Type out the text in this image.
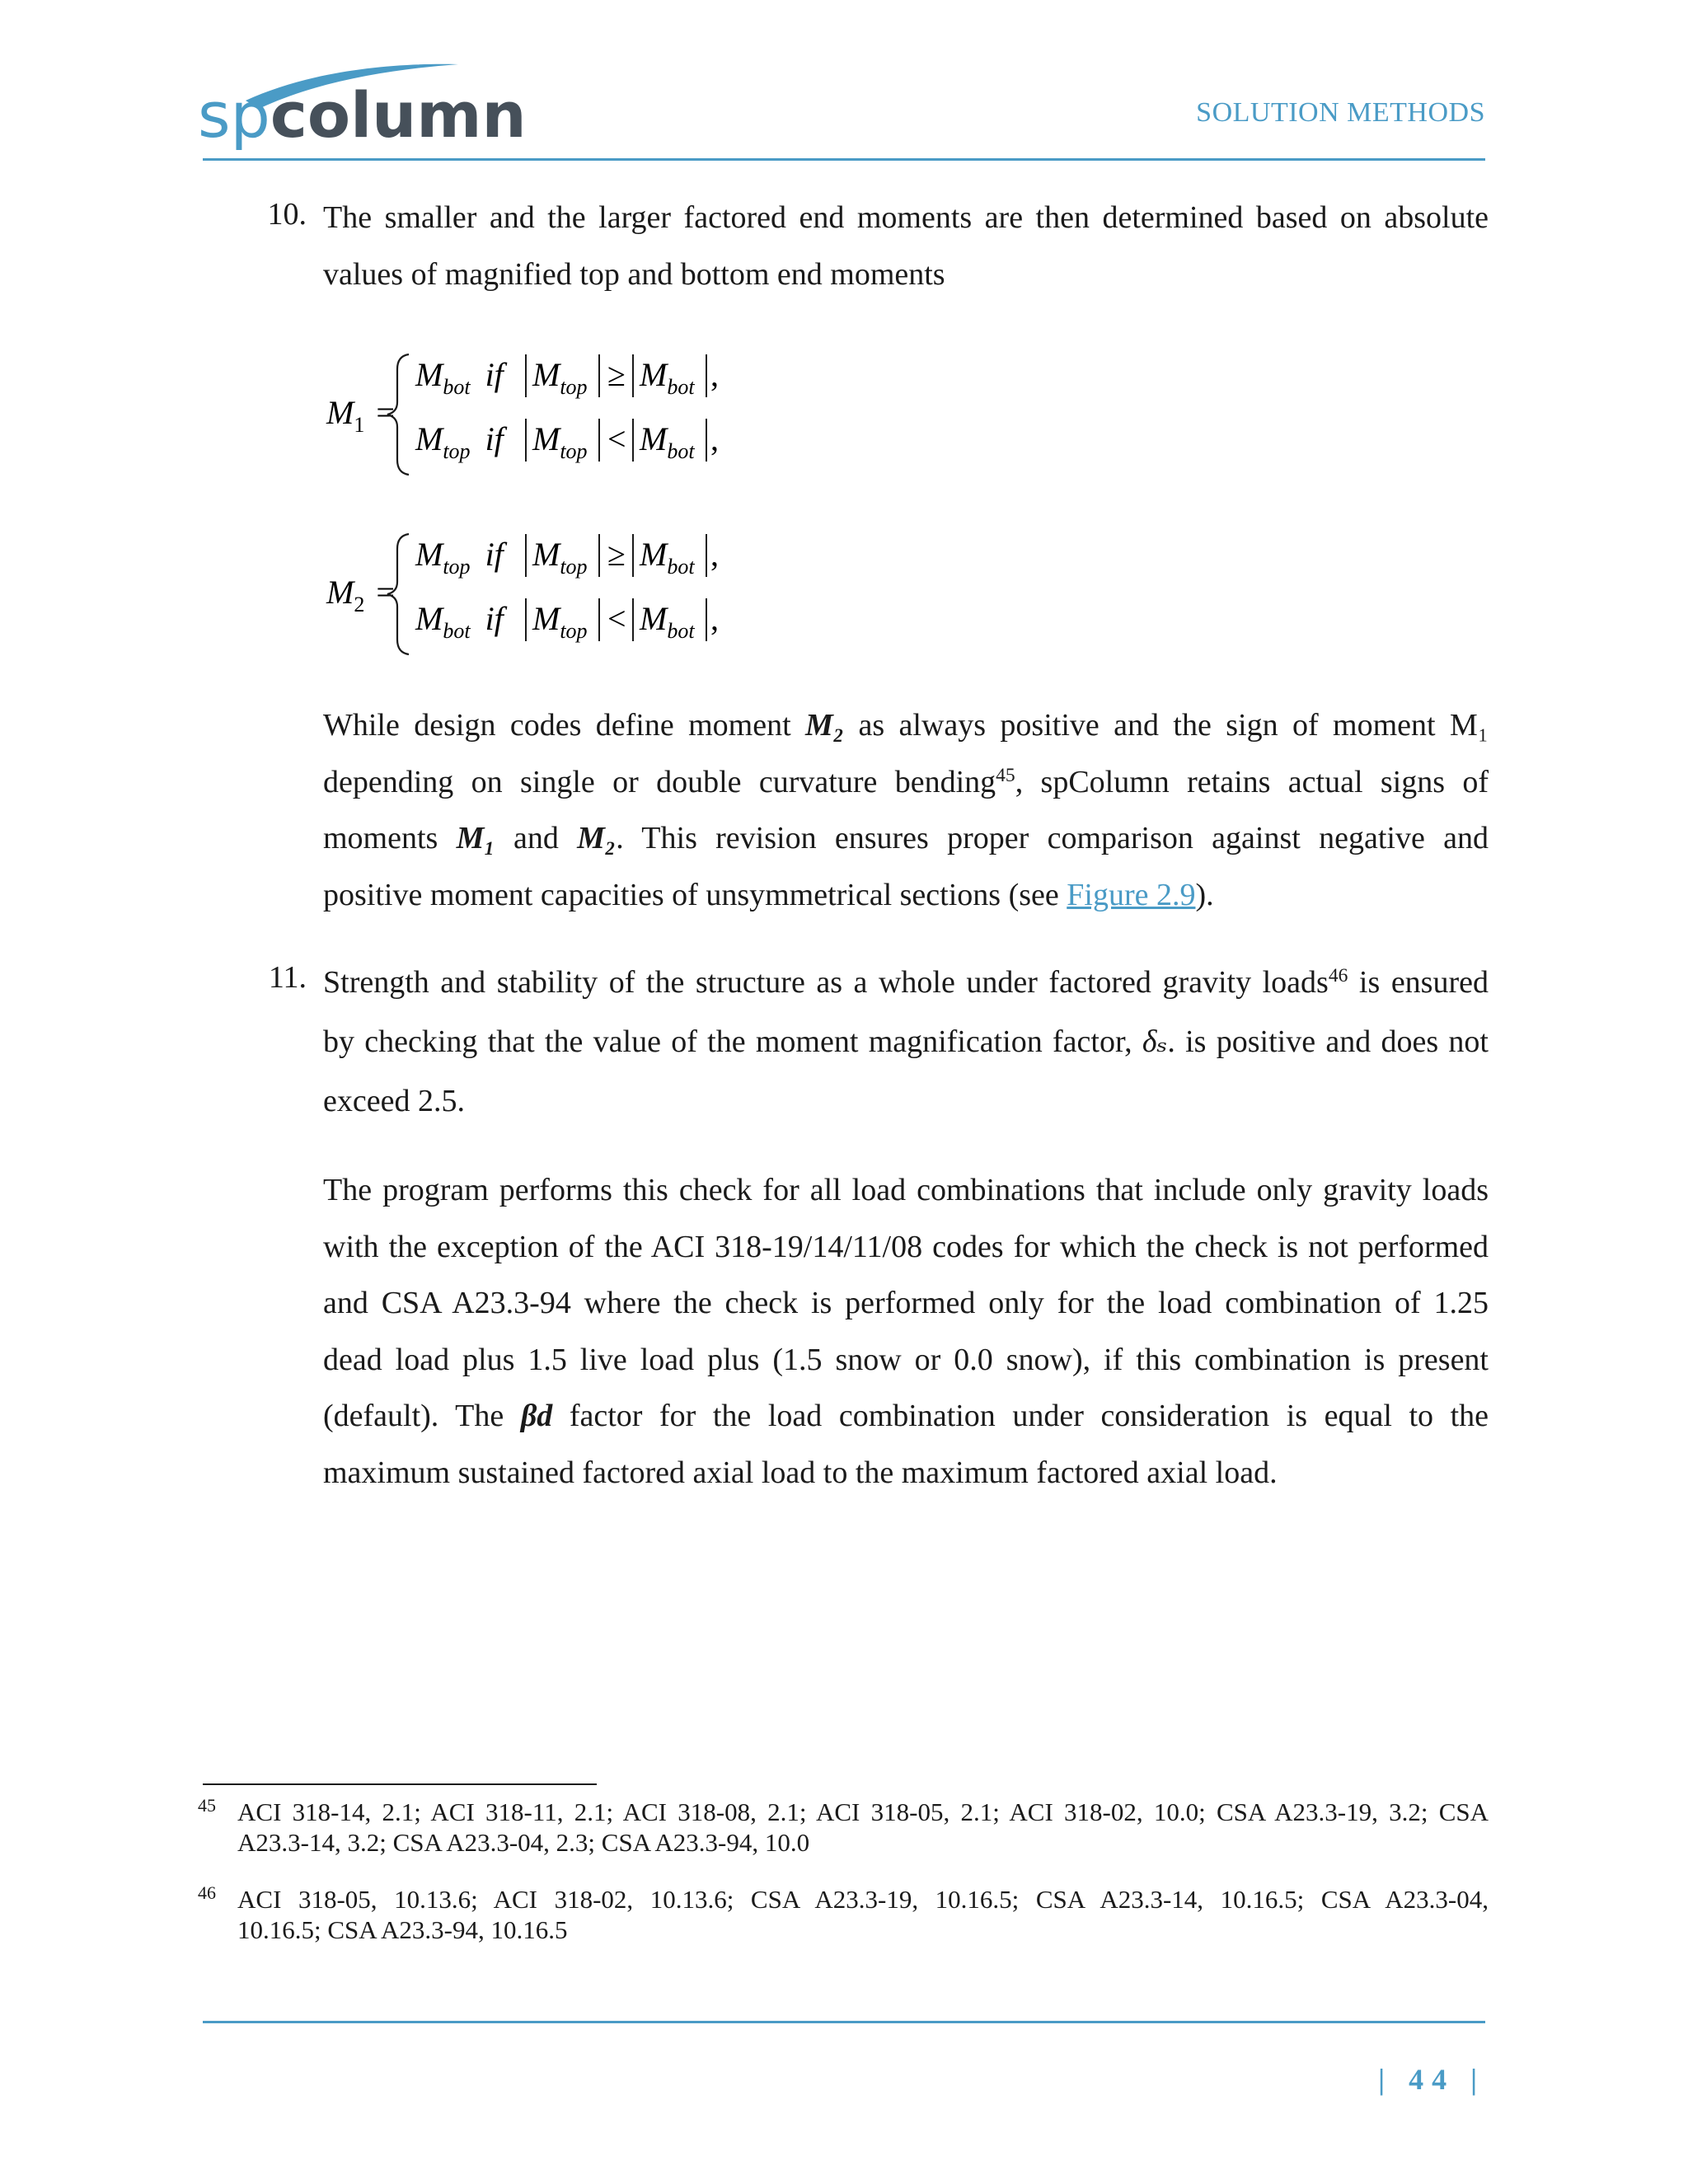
spcolumn	SOLUTION METHODS
10. The smaller and the larger factored end moments are then determined based on absolute
values of magnified top and bottom end moments
$M_1$ =
$M_{bot}$ if $M_{top} \ge M_{bot}$ ,
$M_{top}$ if $M_{top} < M_{bot}$ ,
M₁ = M_bot if |M_top| ≥ |M_bot|, M_top if |M_top| < |M_bot|,
$M_2$ =
$M_{top}$ if $M_{top} \ge M_{bot}$ ,
$M_{bot}$ if $M_{top} < M_{bot}$ ,
M₂ = M_top if |M_top| ≥ |M_bot|, M_bot if |M_top| < |M_bot|,
While design codes define moment M₂ as always positive and the sign of moment M₁
depending on single or double curvature bending$^{45}$, spColumn retains actual signs of
moments M₁ and M₂. This revision ensures proper comparison against negative and
positive moment capacities of unsymmetrical sections (see Figure 2.9).
11. Strength and stability of the structure as a whole under factored gravity loads$^{46}$ is ensured
by checking that the value of the moment magnification factor, δₛ. is positive and does not
exceed 2.5.
The program performs this check for all load combinations that include only gravity loads
with the exception of the ACI 318-19/14/11/08 codes for which the check is not performed
and CSA A23.3-94 where the check is performed only for the load combination of 1.25
dead load plus 1.5 live load plus (1.5 snow or 0.0 snow), if this combination is present
(default). The βd factor for the load combination under consideration is equal to the
maximum sustained factored axial load to the maximum factored axial load.
45 ACI 318-14, 2.1; ACI 318-11, 2.1; ACI 318-08, 2.1; ACI 318-05, 2.1; ACI 318-02, 10.0; CSA A23.3-19, 3.2; CSA
A23.3-14, 3.2; CSA A23.3-04, 2.3; CSA A23.3-94, 10.0
46 ACI 318-05, 10.13.6; ACI 318-02, 10.13.6; CSA A23.3-19, 10.16.5; CSA A23.3-14, 10.16.5; CSA A23.3-04,
10.16.5; CSA A23.3-94, 10.16.5
| 44 |
